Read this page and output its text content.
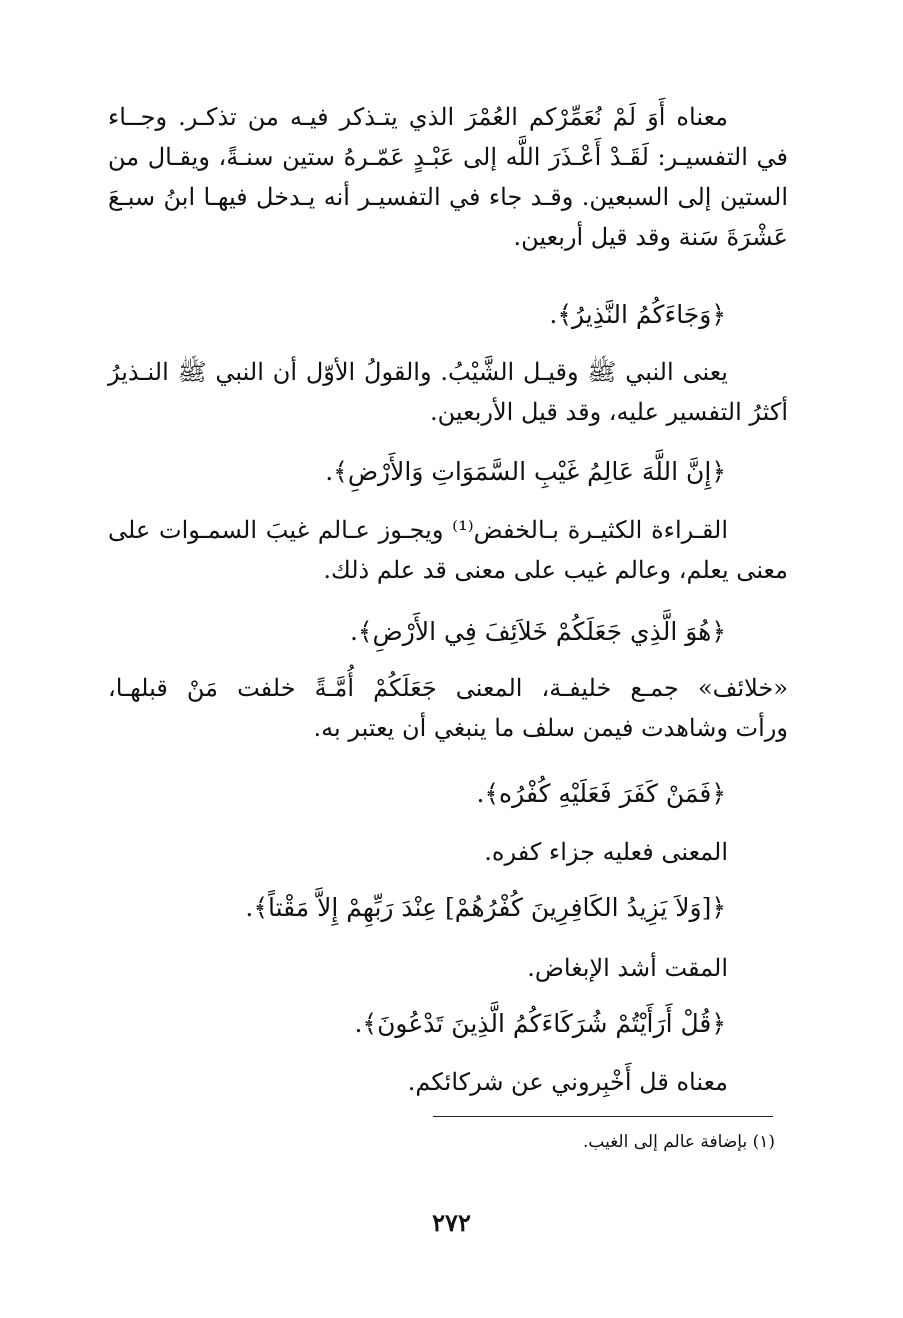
معناه أَوَ لَمْ نُعَمِّرْكم العُمْرَ الذي يتـذكر فيـه من تذكـر. وجــاء
في التفسيـر: لَقَـدْ أَعْـذَرَ اللَّه إلى عَبْـدٍ عَمّـرهُ ستين سنـةً، ويقـال من
الستين إلى السبعين. وقـد جاء في التفسيـر أنه يـدخل فيهـا ابنُ سبـعَ
عَشْرَةَ سَنة وقد قيل أربعين.
﴿وَجَاءَكُمُ النَّذِيرُ﴾.
يعنى النبي ﷺ وقيـل الشَّيْبُ. والقولُ الأوّل أن النبي ﷺ النـذيرُ
أكثرُ التفسير عليه، وقد قيل الأربعين.
﴿إِنَّ اللَّهَ عَالِمُ غَيْبِ السَّمَوَاتِ وَالأَرْضِ﴾.
القـراءة الكثيـرة بـالخفض⁽¹⁾ ويجـوز عـالم غيبَ السمـوات على
معنى يعلم، وعالم غيب على معنى قد علم ذلك.
﴿هُوَ الَّذِي جَعَلَكُمْ خَلاَئِفَ فِي الأَرْضِ﴾.
«خلائف» جمـع خليفـة، المعنى جَعَلَكُمْ أُمَّـةً خلفت مَنْ قبلهـا،
ورأت وشاهدت فيمن سلف ما ينبغي أن يعتبر به.
﴿فَمَنْ كَفَرَ فَعَلَيْهِ كُفْرُه﴾.
المعنى فعليه جزاء كفره.
﴿[وَلاَ يَزِيدُ الكَافِرِينَ كُفْرُهُمْ] عِنْدَ رَبِّهِمْ إِلاَّ مَقْتاً﴾.
المقت أشد الإبغاض.
﴿قُلْ أَرَأَيْتُمْ شُرَكَاءَكُمُ الَّذِينَ تَدْعُونَ﴾.
معناه قل أَخْبِروني عن شركائكم.
(١) بإضافة عالم إلى الغيب.
٢٧٢
